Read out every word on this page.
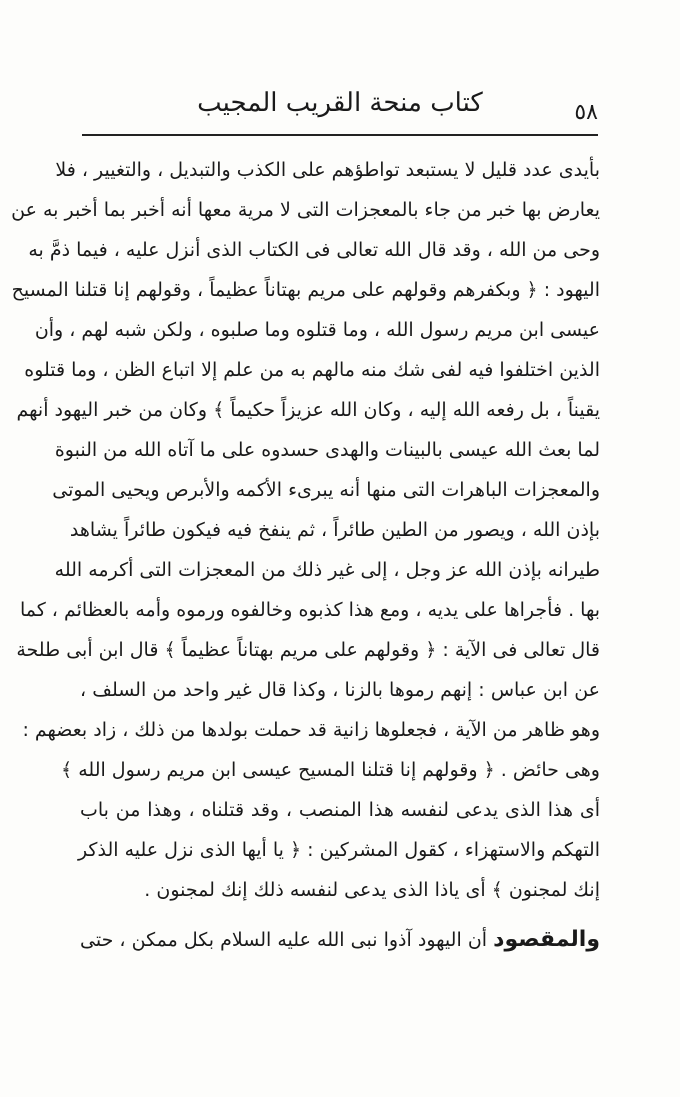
٥٨
كتاب منحة القريب المجيب
بأيدى عدد قليل لا يستبعد تواطؤهم على الكذب والتبديل ، والتغيير ، فلا
يعارض بها خبر من جاء بالمعجزات التى لا مرية معها أنه أخبر بما أخبر به عن
وحى من الله ، وقد قال الله تعالى فى الكتاب الذى أنزل عليه ، فيما ذمَّ به
اليهود : ﴿ وبكفرهم وقولهم على مريم بهتاناً عظيماً ، وقولهم إنا قتلنا المسيح
عيسى ابن مريم رسول الله ، وما قتلوه وما صلبوه ، ولكن شبه لهم ، وأن
الذين اختلفوا فيه لفى شك منه مالهم به من علم إلا اتباع الظن ، وما قتلوه
يقيناً ، بل رفعه الله إليه ، وكان الله عزيزاً حكيماً ﴾ وكان من خبر اليهود أنهم
لما بعث الله عيسى بالبينات والهدى حسدوه على ما آتاه الله من النبوة
والمعجزات الباهرات التى منها أنه يبرىء الأكمه والأبرص ويحيى الموتى
بإذن الله ، ويصور من الطين طائراً ، ثم ينفخ فيه فيكون طائراً يشاهد
طيرانه بإذن الله عز وجل ، إلى غير ذلك من المعجزات التى أكرمه الله
بها . فأجراها على يديه ، ومع هذا كذبوه وخالفوه ورموه وأمه بالعظائم ، كما
قال تعالى فى الآية : ﴿ وقولهم على مريم بهتاناً عظيماً ﴾ قال ابن أبى طلحة
عن ابن عباس : إنهم رموها بالزنا ، وكذا قال غير واحد من السلف ،
وهو ظاهر من الآية ، فجعلوها زانية قد حملت بولدها من ذلك ، زاد بعضهم :
وهى حائض . ﴿ وقولهم إنا قتلنا المسيح عيسى ابن مريم رسول الله ﴾
أى هذا الذى يدعى لنفسه هذا المنصب ، وقد قتلناه ، وهذا من باب
التهكم والاستهزاء ، كقول المشركين : ﴿ يا أيها الذى نزل عليه الذكر
إنك لمجنون ﴾ أى ياذا الذى يدعى لنفسه ذلك إنك لمجنون .
والمقصود أن اليهود آذوا نبى الله عليه السلام بكل ممكن ، حتى
